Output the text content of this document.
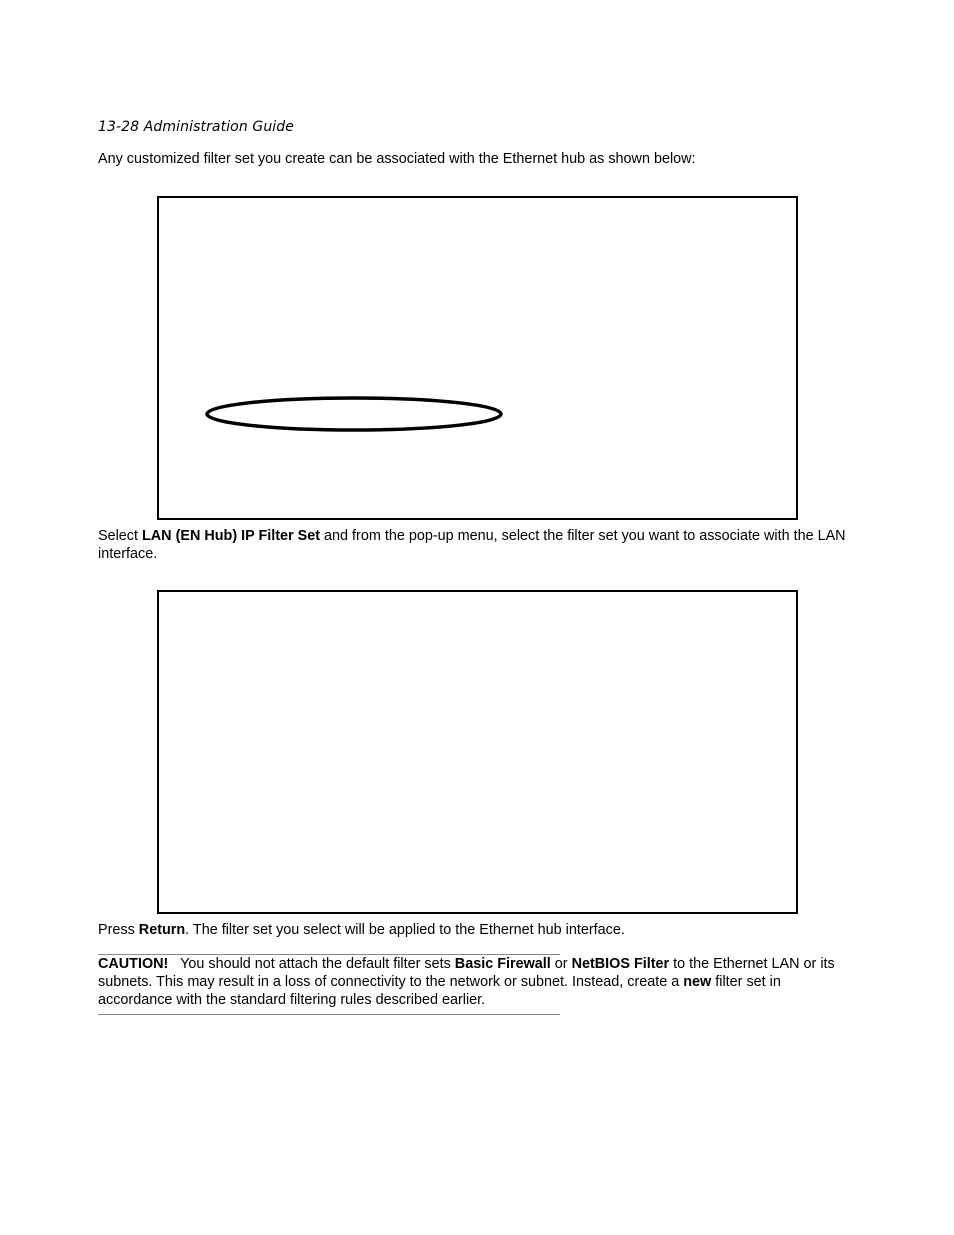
13-28 Administration Guide
Any customized filter set you create can be associated with the Ethernet hub as shown below:
Select LAN (EN Hub) IP Filter Set and from the pop-up menu, select the filter set you want to associate with the LAN interface.
Press Return. The filter set you select will be applied to the Ethernet hub interface.
CAUTION! You should not attach the default filter sets Basic Firewall or NetBIOS Filter to the Ethernet LAN or its subnets. This may result in a loss of connectivity to the network or subnet. Instead, create a new filter set in accordance with the standard filtering rules described earlier.
